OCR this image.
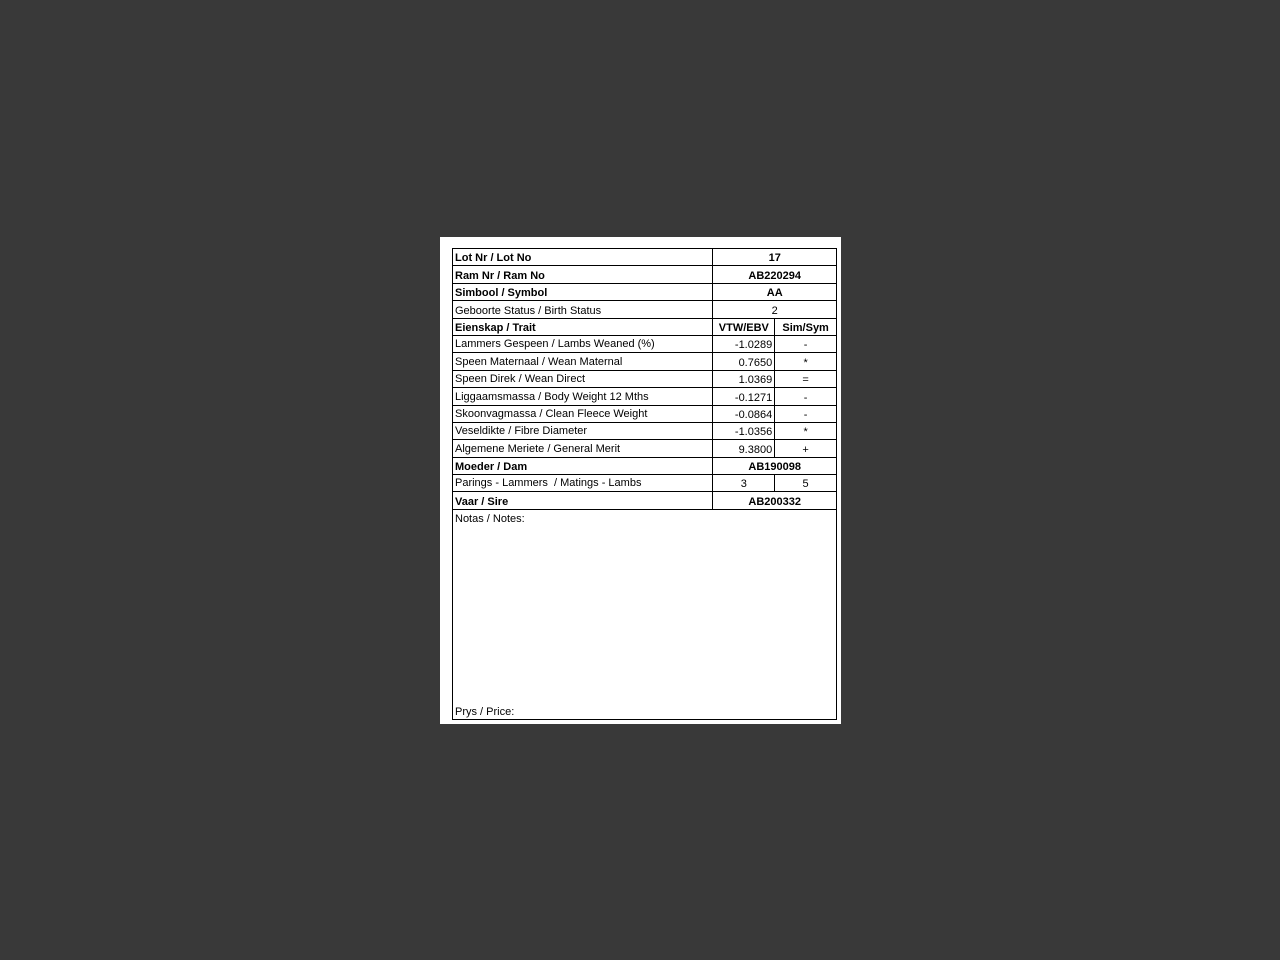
Lot Nr / Lot No	17	
Ram Nr / Ram No	AB220294	
Simbool / Symbol	AA	
Geboorte Status / Birth Status	2	
Eienskap / Trait	VTW/EBV	Sim/Sym

Lammers Gespeen / Lambs Weaned (%)	-1.0289	-

Speen Maternaal / Wean Maternal	0.7650	*

Speen Direk / Wean Direct	1.0369	=

Liggaamsmassa / Body Weight 12 Mths	-0.1271	-

Skoonvagmassa / Clean Fleece Weight	-0.0864	-

Veseldikte / Fibre Diameter	-1.0356	*

Algemene Meriete / General Merit	9.3800	+
Moeder / Dam	AB190098	

Parings - Lammers  / Matings - Lambs	3	5
Vaar / Sire	AB200332	
Notas / Notes:
Prys / Price:		
